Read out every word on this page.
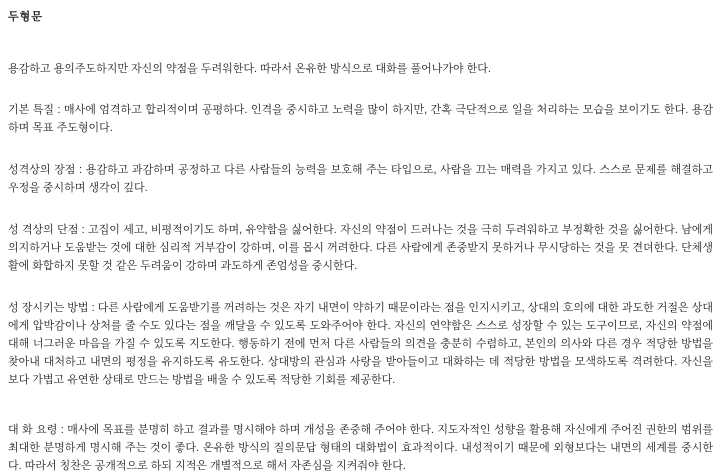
두형문

용감하고 용의주도하지만 자신의 약점을 두려워한다. 따라서 온유한 방식으로 대화를 풀어나가야 한다.

기본 특질 : 매사에 엄격하고 합리적이며 공평하다. 인격을 중시하고 노력을 많이 하지만, 간혹 극단적으로 일을 처리하는 모습을 보이기도 한다. 용감하며 목표 주도형이다.

성격상의 장점 : 용감하고 과감하며 공정하고 다른 사람들의 능력을 보호해 주는 타입으로, 사람을 끄는 매력을 가지고 있다. 스스로 문제를 해결하고 우정을 중시하며 생각이 깊다.

성 격상의 단점 : 고집이 세고, 비평적이기도 하며, 유약함을 싫어한다. 자신의 약점이 드러나는 것을 극히 두려워하고 부정확한 것을 싫어한다. 남에게 의지하거나 도움받는 것에 대한 심리적 거부감이 강하며, 이를 몹시 꺼려한다. 다른 사람에게 존중받지 못하거나 무시당하는 것을 못 견뎌한다. 단체생활에 화합하지 못할 것 같은 두려움이 강하며 과도하게 존엄성을 중시한다.

성 장시키는 방법 : 다른 사람에게 도움받기를 꺼려하는 것은 자기 내면이 약하기 때문이라는 점을 인지시키고, 상대의 호의에 대한 과도한 거절은 상대에게 압박감이나 상처를 줄 수도 있다는 점을 깨달을 수 있도록 도와주어야 한다. 자신의 연약함은 스스로 성장할 수 있는 도구이므로, 자신의 약점에 대해 너그러운 마음을 가질 수 있도록 지도한다. 행동하기 전에 먼저 다른 사람들의 의견을 충분히 수렴하고, 본인의 의사와 다른 경우 적당한 방법을 찾아내 대처하고 내면의 평정을 유지하도록 유도한다. 상대방의 관심과 사랑을 받아들이고 대화하는 데 적당한 방법을 모색하도록 격려한다. 자신을 보다 가볍고 유연한 상태로 만드는 방법을 배울 수 있도록 적당한 기회를 제공한다.

대 화 요령 : 매사에 목표를 분명히 하고 결과를 명시해야 하며 개성을 존중해 주어야 한다. 지도자적인 성향을 활용해 자신에게 주어진 권한의 범위를 최대한 분명하게 명시해 주는 것이 좋다. 온유한 방식의 질의문답 형태의 대화법이 효과적이다. 내성적이기 때문에 외형보다는 내면의 세계를 중시한다. 따라서 칭찬은 공개적으로 하되 지적은 개별적으로 해서 자존심을 지켜줘야 한다.
